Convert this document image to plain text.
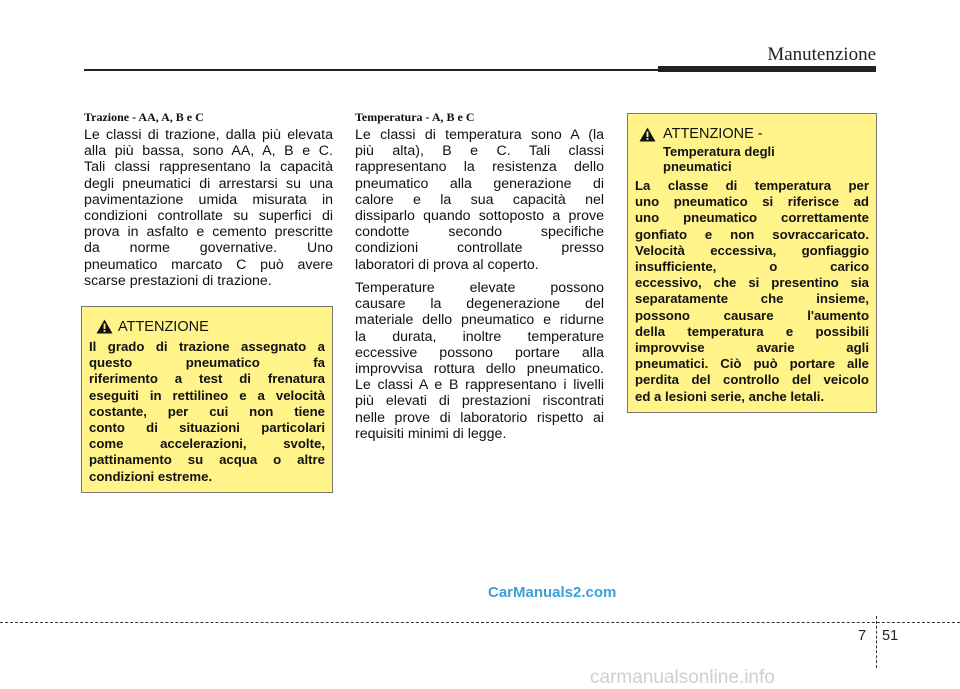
Manutenzione
Trazione - AA, A, B e C
Le classi di trazione, dalla più elevata
alla più bassa, sono AA, A, B e C.
Tali classi rappresentano la capacità
degli pneumatici di arrestarsi su una
pavimentazione umida misurata in
condizioni controllate su superfici di
prova in asfalto e cemento prescritte
da norme governative. Uno
pneumatico marcato C può avere
scarse prestazioni di trazione.
ATTENZIONE
Il grado di trazione assegnato a
questo pneumatico fa
riferimento a test di frenatura
eseguiti in rettilineo e a velocità
costante, per cui non tiene
conto di situazioni particolari
come accelerazioni, svolte,
pattinamento su acqua o altre
condizioni estreme.
Temperatura - A, B e C
Le classi di temperatura sono A (la
più alta), B e C. Tali classi
rappresentano la resistenza dello
pneumatico alla generazione di
calore e la sua capacità nel
dissiparlo quando sottoposto a prove
condotte secondo specifiche
condizioni controllate presso
laboratori di prova al coperto.
Temperature elevate possono
causare la degenerazione del
materiale dello pneumatico e ridurne
la durata, inoltre temperature
eccessive possono portare alla
improvvisa rottura dello pneumatico.
Le classi A e B rappresentano i livelli
più elevati di prestazioni riscontrati
nelle prove di laboratorio rispetto ai
requisiti minimi di legge.
ATTENZIONE -
Temperatura degli
pneumatici
La classe di temperatura per
uno pneumatico si riferisce ad
uno pneumatico correttamente
gonfiato e non sovraccaricato.
Velocità eccessiva, gonfiaggio
insufficiente, o carico
eccessivo, che si presentino sia
separatamente che insieme,
possono causare l'aumento
della temperatura e possibili
improvvise avarie agli
pneumatici. Ciò può portare alle
perdita del controllo del veicolo
ed a lesioni serie, anche letali.
CarManuals2.com
7 51
carmanualsonline.info
